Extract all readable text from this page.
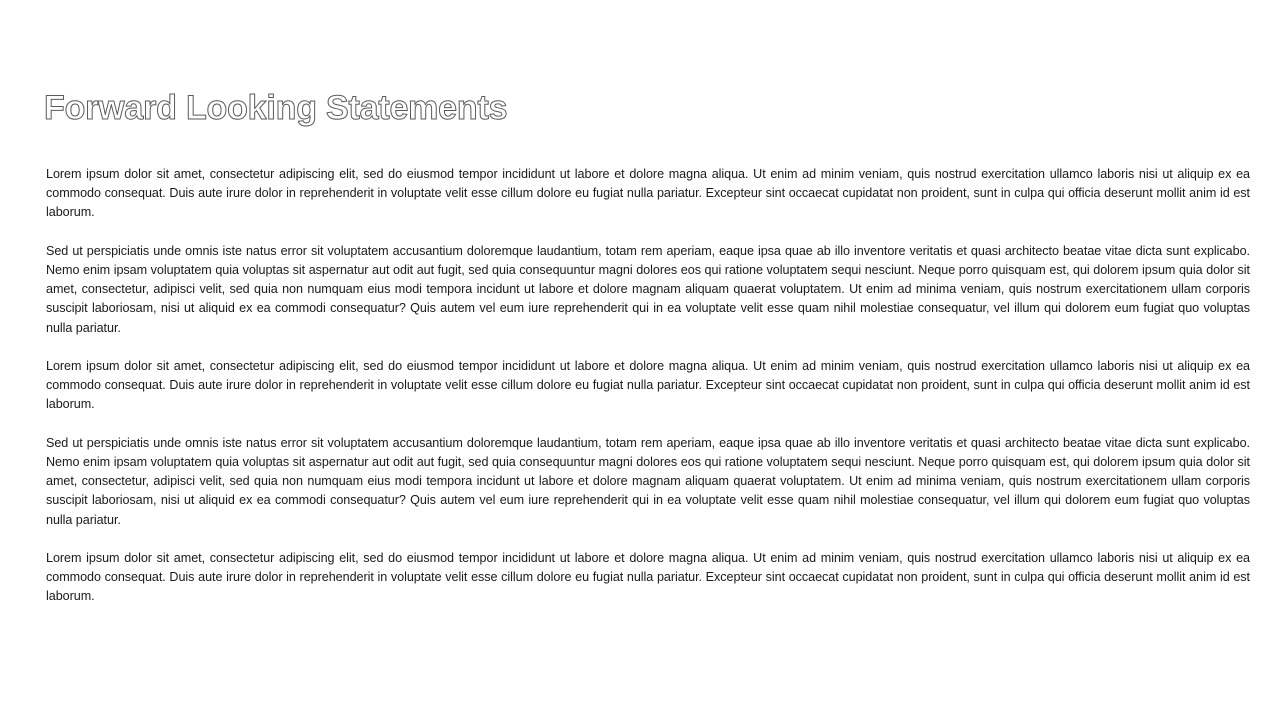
Forward Looking Statements

Lorem ipsum dolor sit amet, consectetur adipiscing elit, sed do eiusmod tempor incididunt ut labore et dolore magna aliqua. Ut enim ad minim veniam, quis nostrud exercitation ullamco laboris nisi ut aliquip ex ea commodo consequat. Duis aute irure dolor in reprehenderit in voluptate velit esse cillum dolore eu fugiat nulla pariatur. Excepteur sint occaecat cupidatat non proident, sunt in culpa qui officia deserunt mollit anim id est laborum.

Sed ut perspiciatis unde omnis iste natus error sit voluptatem accusantium doloremque laudantium, totam rem aperiam, eaque ipsa quae ab illo inventore veritatis et quasi architecto beatae vitae dicta sunt explicabo. Nemo enim ipsam voluptatem quia voluptas sit aspernatur aut odit aut fugit, sed quia consequuntur magni dolores eos qui ratione voluptatem sequi nesciunt. Neque porro quisquam est, qui dolorem ipsum quia dolor sit amet, consectetur, adipisci velit, sed quia non numquam eius modi tempora incidunt ut labore et dolore magnam aliquam quaerat voluptatem. Ut enim ad minima veniam, quis nostrum exercitationem ullam corporis suscipit laboriosam, nisi ut aliquid ex ea commodi consequatur? Quis autem vel eum iure reprehenderit qui in ea voluptate velit esse quam nihil molestiae consequatur, vel illum qui dolorem eum fugiat quo voluptas nulla pariatur.

Lorem ipsum dolor sit amet, consectetur adipiscing elit, sed do eiusmod tempor incididunt ut labore et dolore magna aliqua. Ut enim ad minim veniam, quis nostrud exercitation ullamco laboris nisi ut aliquip ex ea commodo consequat. Duis aute irure dolor in reprehenderit in voluptate velit esse cillum dolore eu fugiat nulla pariatur. Excepteur sint occaecat cupidatat non proident, sunt in culpa qui officia deserunt mollit anim id est laborum.

Sed ut perspiciatis unde omnis iste natus error sit voluptatem accusantium doloremque laudantium, totam rem aperiam, eaque ipsa quae ab illo inventore veritatis et quasi architecto beatae vitae dicta sunt explicabo. Nemo enim ipsam voluptatem quia voluptas sit aspernatur aut odit aut fugit, sed quia consequuntur magni dolores eos qui ratione voluptatem sequi nesciunt. Neque porro quisquam est, qui dolorem ipsum quia dolor sit amet, consectetur, adipisci velit, sed quia non numquam eius modi tempora incidunt ut labore et dolore magnam aliquam quaerat voluptatem. Ut enim ad minima veniam, quis nostrum exercitationem ullam corporis suscipit laboriosam, nisi ut aliquid ex ea commodi consequatur? Quis autem vel eum iure reprehenderit qui in ea voluptate velit esse quam nihil molestiae consequatur, vel illum qui dolorem eum fugiat quo voluptas nulla pariatur.

Lorem ipsum dolor sit amet, consectetur adipiscing elit, sed do eiusmod tempor incididunt ut labore et dolore magna aliqua. Ut enim ad minim veniam, quis nostrud exercitation ullamco laboris nisi ut aliquip ex ea commodo consequat. Duis aute irure dolor in reprehenderit in voluptate velit esse cillum dolore eu fugiat nulla pariatur. Excepteur sint occaecat cupidatat non proident, sunt in culpa qui officia deserunt mollit anim id est laborum.
